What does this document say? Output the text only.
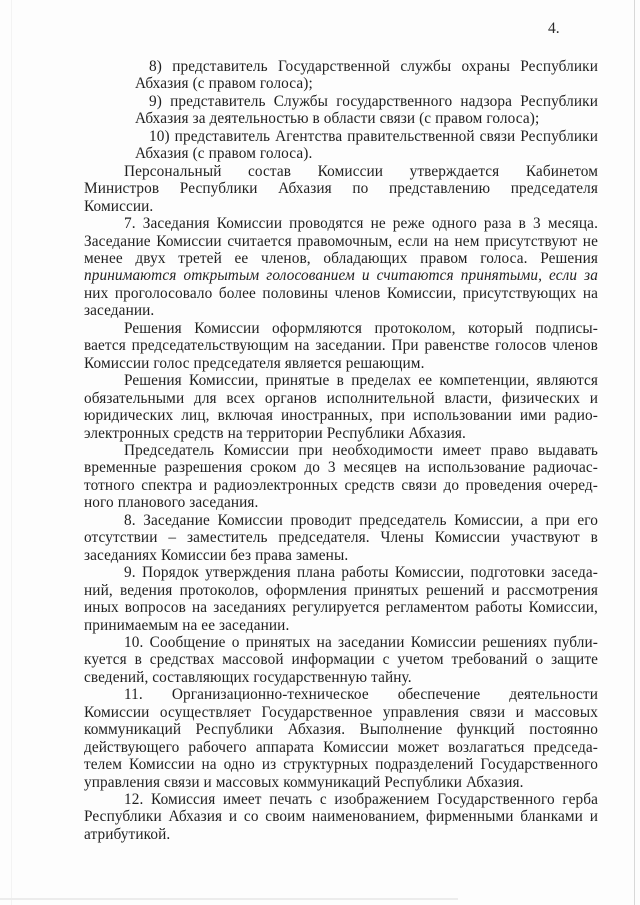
4.
8) представитель Государственной службы охраны Республики
Абхазия (с правом голоса);
9) представитель Службы государственного надзора Республики
Абхазия за деятельностью в области связи (с правом голоса);
10) представитель Агентства правительственной связи Республики
Абхазия (с правом голоса).
Персональный состав Комиссии утверждается Кабинетом
Министров Республики Абхазия по представлению председателя
Комиссии.
7. Заседания Комиссии проводятся не реже одного раза в 3 месяца.
Заседание Комиссии считается правомочным, если на нем присутствуют не
менее двух третей ее членов, обладающих правом голоса. Решения
принимаются открытым голосованием и считаются принятыми, если за
них проголосовало более половины членов Комиссии, присутствующих на
заседании.
Решения Комиссии оформляются протоколом, который подписы-
вается председательствующим на заседании. При равенстве голосов членов
Комиссии голос председателя является решающим.
Решения Комиссии, принятые в пределах ее компетенции, являются
обязательными для всех органов исполнительной власти, физических и
юридических лиц, включая иностранных, при использовании ими радио-
электронных средств на территории Республики Абхазия.
Председатель Комиссии при необходимости имеет право выдавать
временные разрешения сроком до 3 месяцев на использование радиочас-
тотного спектра и радиоэлектронных средств связи до проведения очеред-
ного планового заседания.
8. Заседание Комиссии проводит председатель Комиссии, а при его
отсутствии – заместитель председателя. Члены Комиссии участвуют в
заседаниях Комиссии без права замены.
9. Порядок утверждения плана работы Комиссии, подготовки заседа-
ний, ведения протоколов, оформления принятых решений и рассмотрения
иных вопросов на заседаниях регулируется регламентом работы Комиссии,
принимаемым на ее заседании.
10. Сообщение о принятых на заседании Комиссии решениях публи-
куется в средствах массовой информации с учетом требований о защите
сведений, составляющих государственную тайну.
11. Организационно-техническое обеспечение деятельности
Комиссии осуществляет Государственное управления связи и массовых
коммуникаций Республики Абхазия. Выполнение функций постоянно
действующего рабочего аппарата Комиссии может возлагаться председа-
телем Комиссии на одно из структурных подразделений Государственного
управления связи и массовых коммуникаций Республики Абхазия.
12. Комиссия имеет печать с изображением Государственного герба
Республики Абхазия и со своим наименованием, фирменными бланками и
атрибутикой.
